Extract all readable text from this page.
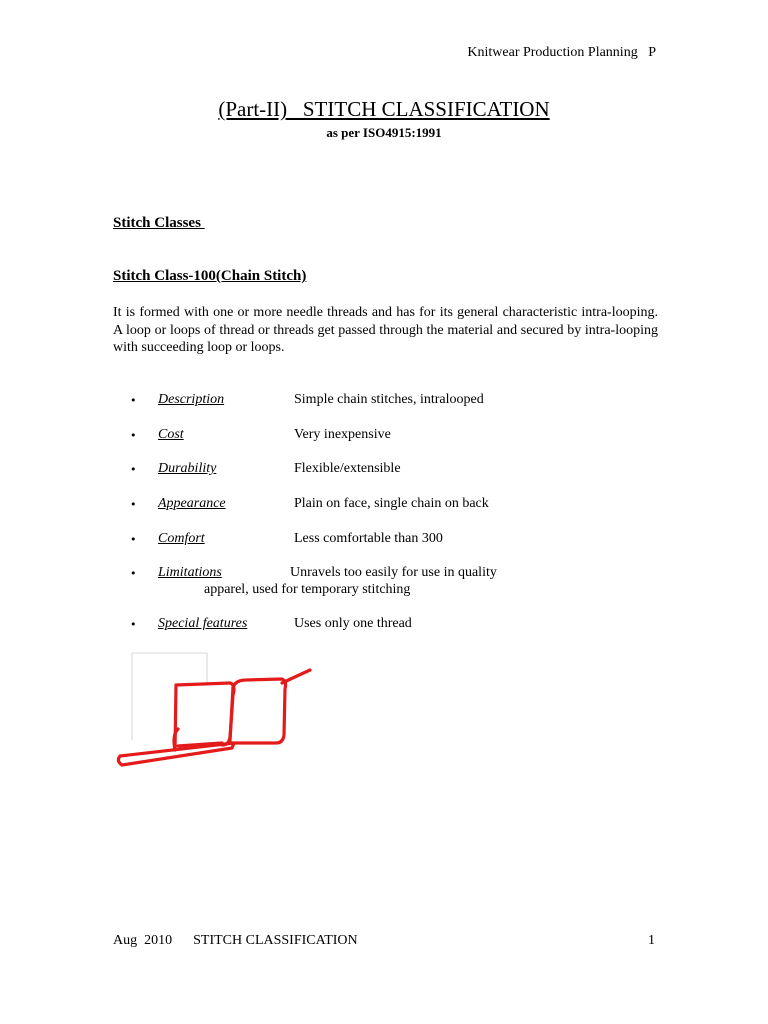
Knitwear Production Planning   P
(Part-II)   STITCH CLASSIFICATION
as per ISO4915:1991
Stitch Classes
Stitch Class-100(Chain Stitch)
It is formed with one or more needle threads and has for its general characteristic intra-looping. A loop or loops of thread or threads get passed through the material and secured by intra-looping with succeeding loop or loops.
• Description	Simple chain stitches, intralooped
• Cost	Very inexpensive
• Durability	Flexible/extensible
• Appearance	Plain on face, single chain on back
• Comfort	Less comfortable than 300
• Limitations	Unravels too easily for use in quality
apparel, used for temporary stitching
• Special features	Uses only one thread
Aug  2010      STITCH CLASSIFICATION	1
